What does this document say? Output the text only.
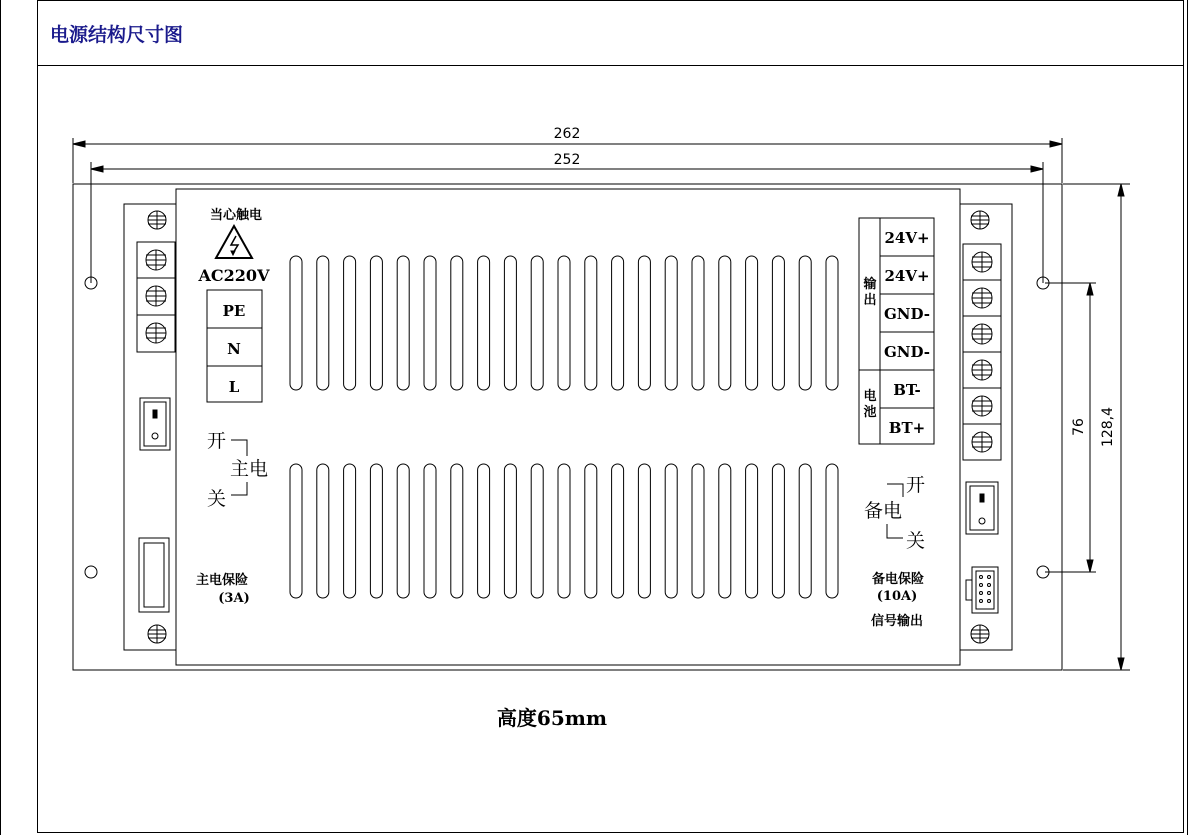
电源结构尺寸图
262
252
128,4
76
当心触电
AC220V
PE
N
L
开
主电
关
主电保险
(3A)
24V+
24V+
GND-
GND-
BT-
BT+
输出
电池
开
备电
关
备电保险
(10A)
信号输出
高度65mm
